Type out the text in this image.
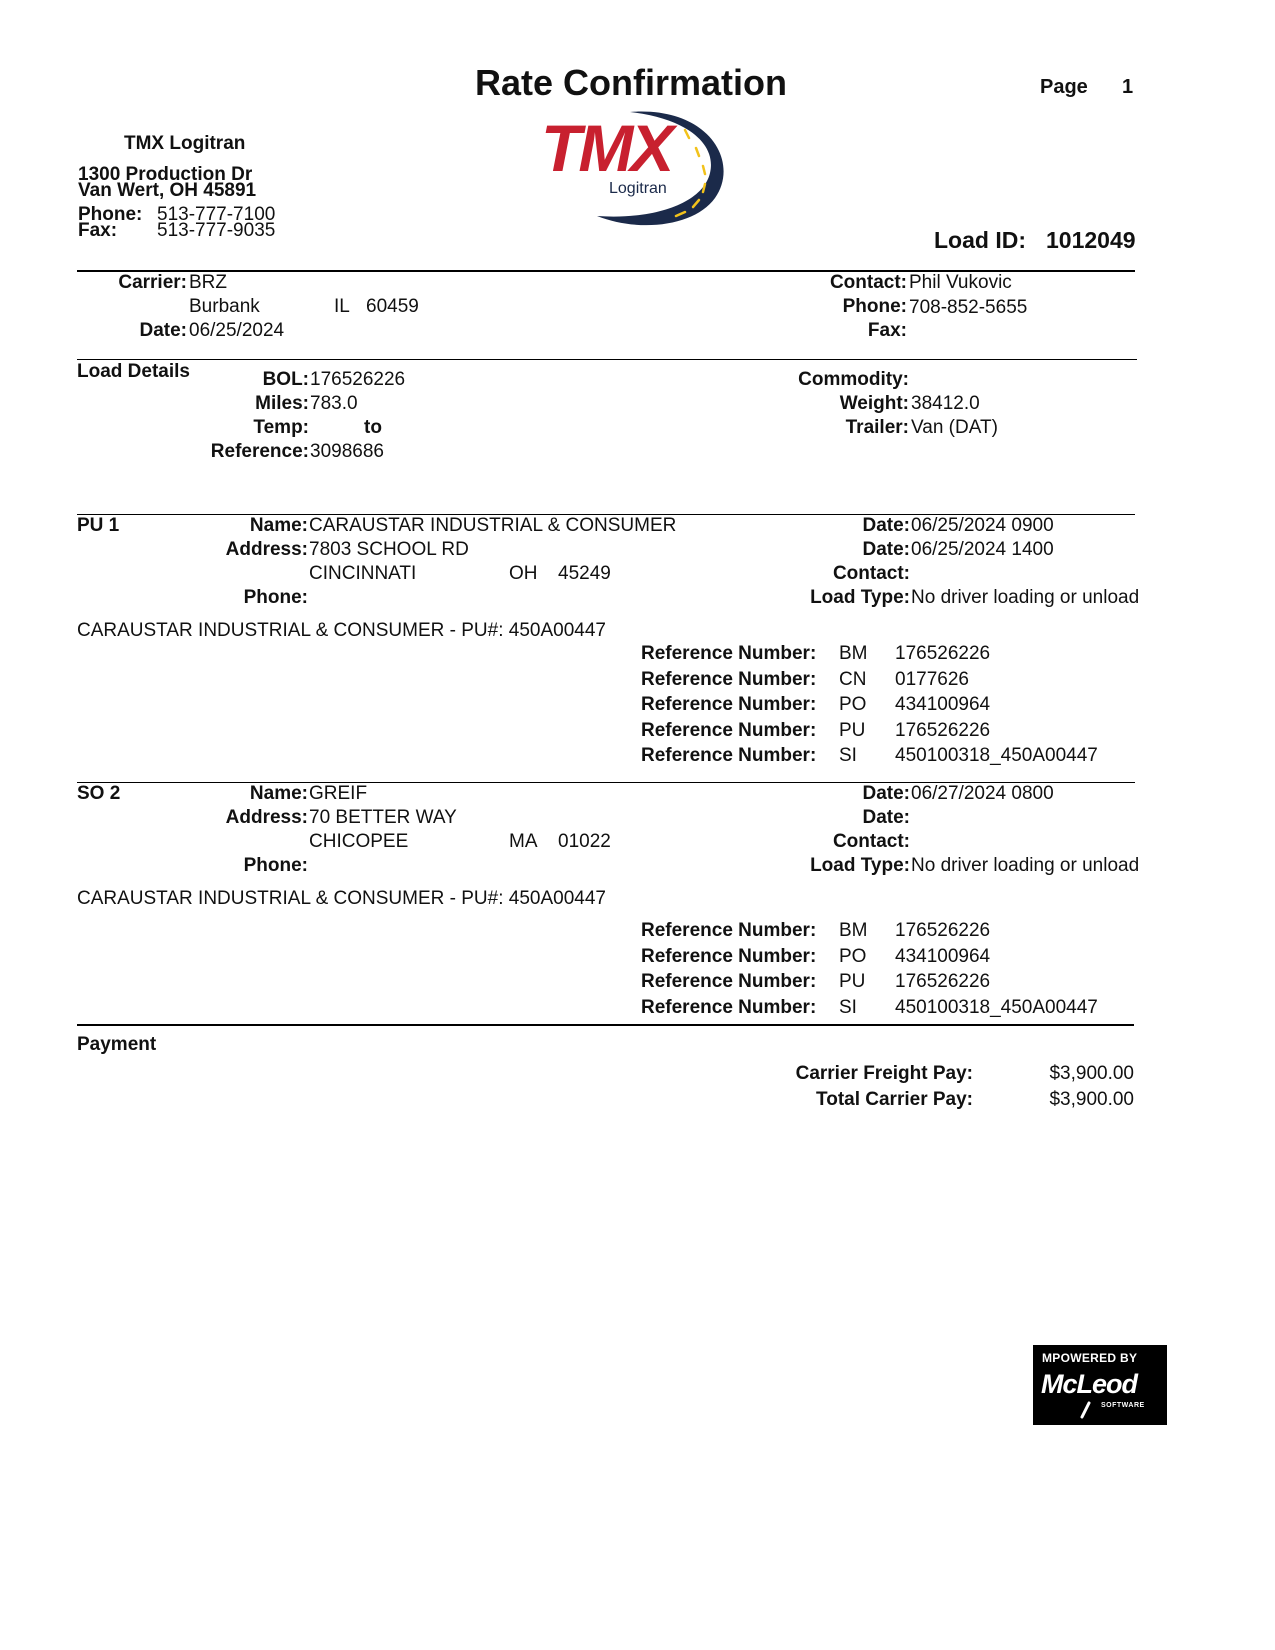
Rate Confirmation	Page 1
TMX Logitran
1300 Production Dr
Van Wert, OH 45891
Phone: 513-777-7100
Fax: 513-777-9035
TMX
Logitran
Load ID: 1012049
Carrier: BRZ
Burbank	IL 60459
Date: 06/25/2024
Contact: Phil Vukovic
Phone: 708-852-5655
Fax:
Load Details	BOL: 176526226
Miles: 783.0
Temp:	to
Reference: 3098686
Commodity:
Weight: 38412.0
Trailer: Van (DAT)
PU 1	Name: CARAUSTAR INDUSTRIAL & CONSUMER
Address: 7803 SCHOOL RD
CINCINNATI	OH 45249
Phone:
Date: 06/25/2024 0900
Date: 06/25/2024 1400
Contact:
Load Type: No driver loading or unload
CARAUSTAR INDUSTRIAL & CONSUMER - PU#: 450A00447
Reference Number: BM 176526226
Reference Number: CN 0177626
Reference Number: PO 434100964
Reference Number: PU 176526226
Reference Number: SI 450100318_450A00447
SO 2	Name: GREIF
Address: 70 BETTER WAY
CHICOPEE	MA 01022
Phone:
Date: 06/27/2024 0800
Date:
Contact:
Load Type: No driver loading or unload
CARAUSTAR INDUSTRIAL & CONSUMER - PU#: 450A00447
Reference Number: BM 176526226
Reference Number: PO 434100964
Reference Number: PU 176526226
Reference Number: SI 450100318_450A00447
Payment
Carrier Freight Pay:	$3,900.00
Total Carrier Pay:	$3,900.00
MPOWERED BY
McLeod
SOFTWARE
